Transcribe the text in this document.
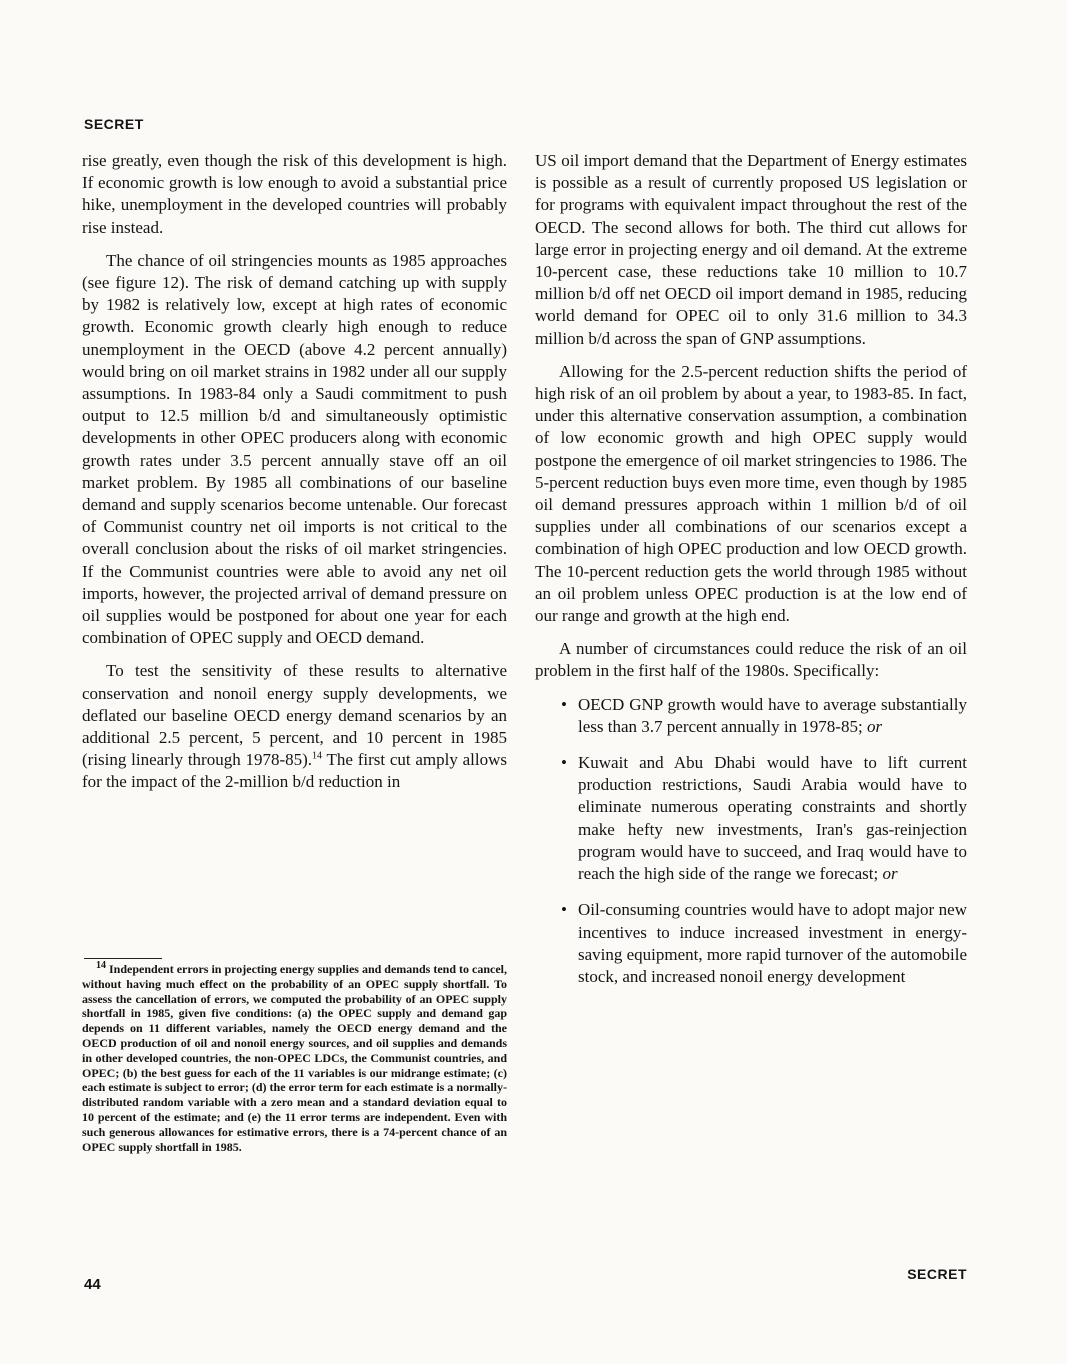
SECRET

rise greatly, even though the risk of this development is high. If economic growth is low enough to avoid a substantial price hike, unemployment in the developed countries will probably rise instead.

The chance of oil stringencies mounts as 1985 approaches (see figure 12). The risk of demand catching up with supply by 1982 is relatively low, except at high rates of economic growth. Economic growth clearly high enough to reduce unemployment in the OECD (above 4.2 percent annually) would bring on oil market strains in 1982 under all our supply assumptions. In 1983-84 only a Saudi commitment to push output to 12.5 million b/d and simultaneously optimistic developments in other OPEC producers along with economic growth rates under 3.5 percent annually stave off an oil market problem. By 1985 all combinations of our baseline demand and supply scenarios become untenable. Our forecast of Communist country net oil imports is not critical to the overall conclusion about the risks of oil market stringencies. If the Communist countries were able to avoid any net oil imports, however, the projected arrival of demand pressure on oil supplies would be postponed for about one year for each combination of OPEC supply and OECD demand.

To test the sensitivity of these results to alternative conservation and nonoil energy supply developments, we deflated our baseline OECD energy demand scenarios by an additional 2.5 percent, 5 percent, and 10 percent in 1985 (rising linearly through 1978-85).$^{14}$ The first cut amply allows for the impact of the 2-million b/d reduction in

$^{14}$ Independent errors in projecting energy supplies and demands tend to cancel, without having much effect on the probability of an OPEC supply shortfall. To assess the cancellation of errors, we computed the probability of an OPEC supply shortfall in 1985, given five conditions: (a) the OPEC supply and demand gap depends on 11 different variables, namely the OECD energy demand and the OECD production of oil and nonoil energy sources, and oil supplies and demands in other developed countries, the non-OPEC LDCs, the Communist countries, and OPEC; (b) the best guess for each of the 11 variables is our midrange estimate; (c) each estimate is subject to error; (d) the error term for each estimate is a normally-distributed random variable with a zero mean and a standard deviation equal to 10 percent of the estimate; and (e) the 11 error terms are independent. Even with such generous allowances for estimative errors, there is a 74-percent chance of an OPEC supply shortfall in 1985.

US oil import demand that the Department of Energy estimates is possible as a result of currently proposed US legislation or for programs with equivalent impact throughout the rest of the OECD. The second allows for both. The third cut allows for large error in projecting energy and oil demand. At the extreme 10-percent case, these reductions take 10 million to 10.7 million b/d off net OECD oil import demand in 1985, reducing world demand for OPEC oil to only 31.6 million to 34.3 million b/d across the span of GNP assumptions.

Allowing for the 2.5-percent reduction shifts the period of high risk of an oil problem by about a year, to 1983-85. In fact, under this alternative conservation assumption, a combination of low economic growth and high OPEC supply would postpone the emergence of oil market stringencies to 1986. The 5-percent reduction buys even more time, even though by 1985 oil demand pressures approach within 1 million b/d of oil supplies under all combinations of our scenarios except a combination of high OPEC production and low OECD growth. The 10-percent reduction gets the world through 1985 without an oil problem unless OPEC production is at the low end of our range and growth at the high end.

A number of circumstances could reduce the risk of an oil problem in the first half of the 1980s. Specifically:

• OECD GNP growth would have to average substantially less than 3.7 percent annually in 1978-85; or
• Kuwait and Abu Dhabi would have to lift current production restrictions, Saudi Arabia would have to eliminate numerous operating constraints and shortly make hefty new investments, Iran's gas-reinjection program would have to succeed, and Iraq would have to reach the high side of the range we forecast; or
• Oil-consuming countries would have to adopt major new incentives to induce increased investment in energy-saving equipment, more rapid turnover of the automobile stock, and increased nonoil energy development
44
SECRET
